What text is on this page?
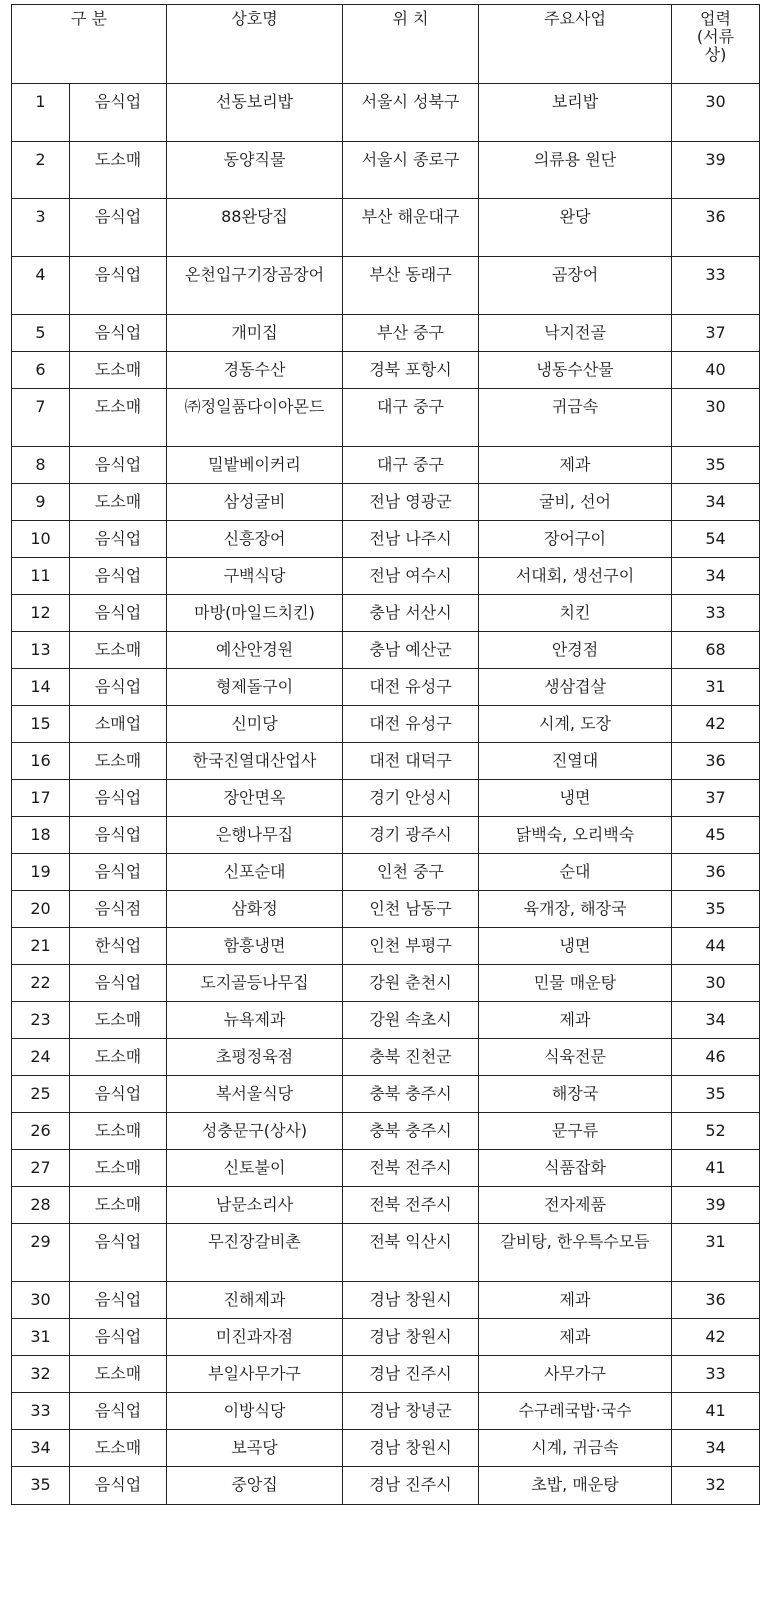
구 분		상호명	위 치	주요사업	업력
(서류
상)
1	음식업	선동보리밥	서울시 성북구	보리밥	30
2	도소매	동양직물	서울시 종로구	의류용 원단	39
3	음식업	88완당집	부산 해운대구	완당	36
4	음식업	온천입구기장곰장어	부산 동래구	곰장어	33
5	음식업	개미집	부산 중구	낙지전골	37
6	도소매	경동수산	경북 포항시	냉동수산물	40
7	도소매	㈜정일품다이아몬드	대구 중구	귀금속	30
8	음식업	밀밭베이커리	대구 중구	제과	35
9	도소매	삼성굴비	전남 영광군	굴비, 선어	34
10	음식업	신흥장어	전남 나주시	장어구이	54
11	음식업	구백식당	전남 여수시	서대회, 생선구이	34
12	음식업	마방(마일드치킨)	충남 서산시	치킨	33
13	도소매	예산안경원	충남 예산군	안경점	68
14	음식업	형제돌구이	대전 유성구	생삼겹살	31
15	소매업	신미당	대전 유성구	시계, 도장	42
16	도소매	한국진열대산업사	대전 대덕구	진열대	36
17	음식업	장안면옥	경기 안성시	냉면	37
18	음식업	은행나무집	경기 광주시	닭백숙, 오리백숙	45
19	음식업	신포순대	인천 중구	순대	36
20	음식점	삼화정	인천 남동구	육개장, 해장국	35
21	한식업	함흥냉면	인천 부평구	냉면	44
22	음식업	도지골등나무집	강원 춘천시	민물 매운탕	30
23	도소매	뉴욕제과	강원 속초시	제과	34
24	도소매	초평정육점	충북 진천군	식육전문	46
25	음식업	복서울식당	충북 충주시	해장국	35
26	도소매	성충문구(상사)	충북 충주시	문구류	52
27	도소매	신토불이	전북 전주시	식품잡화	41
28	도소매	남문소리사	전북 전주시	전자제품	39
29	음식업	무진장갈비촌	전북 익산시	갈비탕, 한우특수모듬	31
30	음식업	진해제과	경남 창원시	제과	36
31	음식업	미진과자점	경남 창원시	제과	42
32	도소매	부일사무가구	경남 진주시	사무가구	33
33	음식업	이방식당	경남 창녕군	수구레국밥·국수	41
34	도소매	보곡당	경남 창원시	시계, 귀금속	34
35	음식업	중앙집	경남 진주시	초밥, 매운탕	32
